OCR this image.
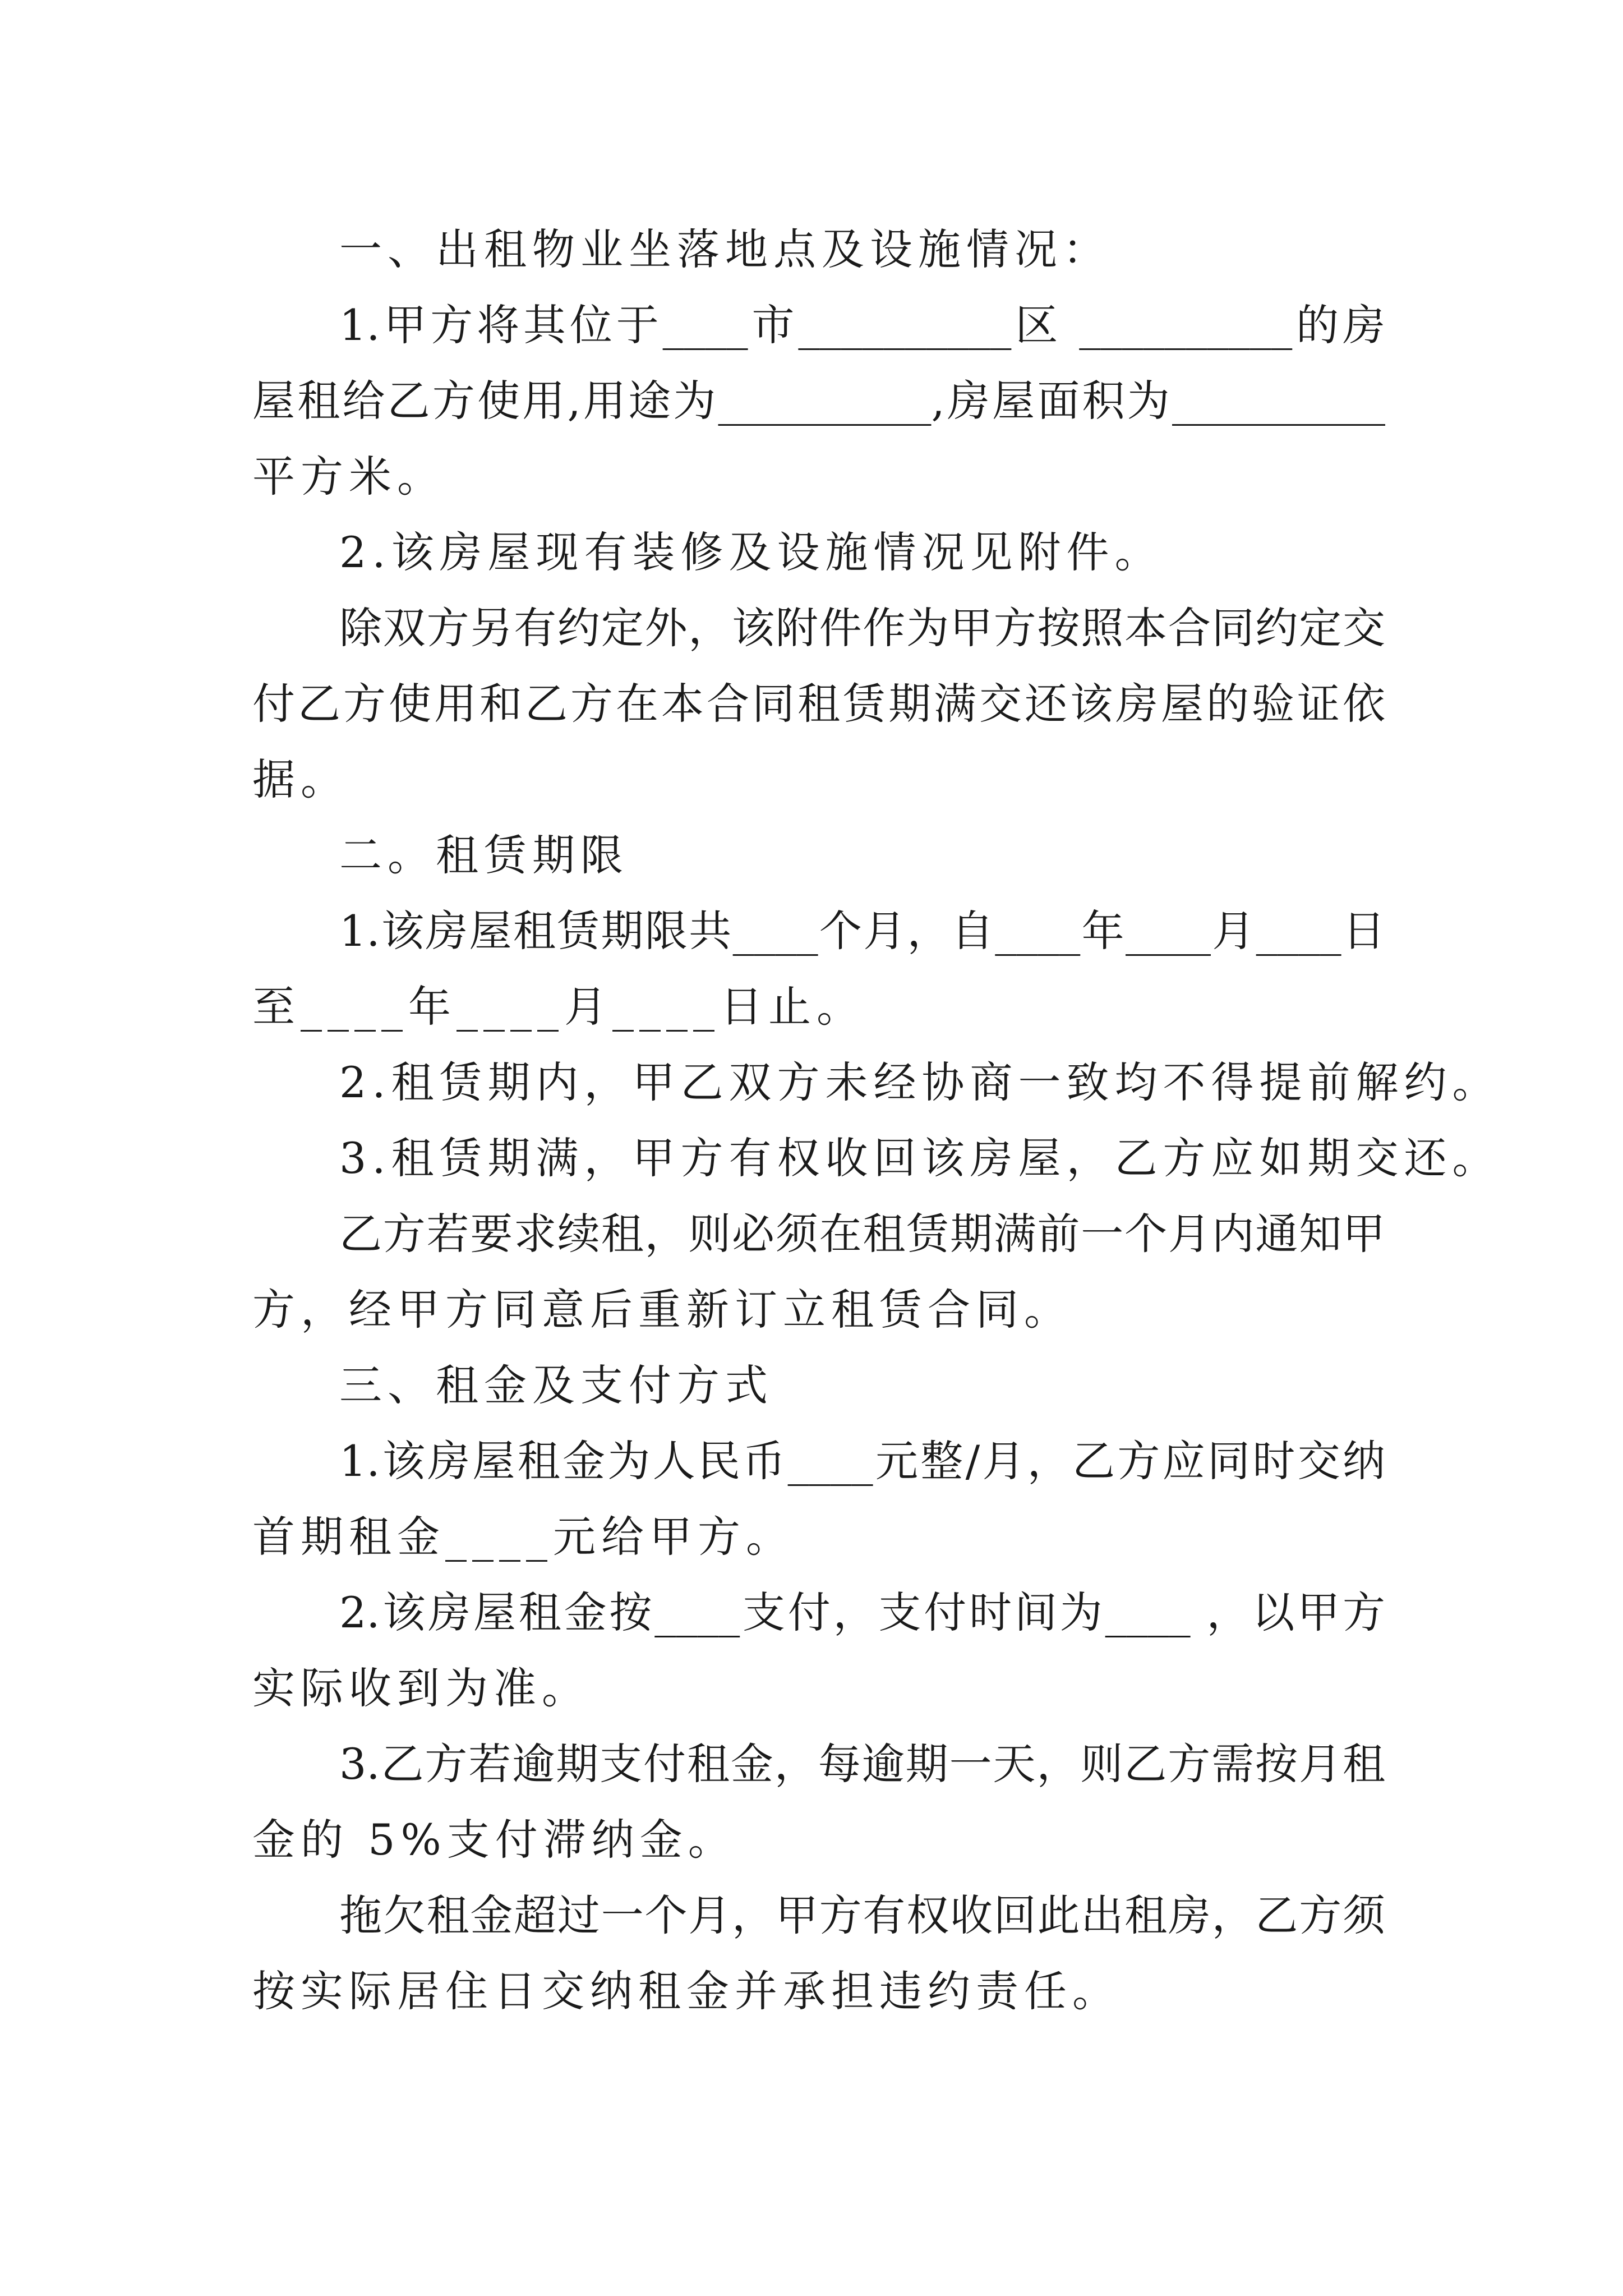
一、出租物业坐落地点及设施情况：
1.甲方将其位于____市__________区 __________的房
屋租给乙方使用,用途为__________,房屋面积为__________
平方米。
2.该房屋现有装修及设施情况见附件。
除双方另有约定外，该附件作为甲方按照本合同约定交
付乙方使用和乙方在本合同租赁期满交还该房屋的验证依
据。
二。租赁期限
1.该房屋租赁期限共____个月，自____年____月____日
至____年____月____日止。
2.租赁期内，甲乙双方未经协商一致均不得提前解约。
3.租赁期满，甲方有权收回该房屋，乙方应如期交还。
乙方若要求续租，则必须在租赁期满前一个月内通知甲
方，经甲方同意后重新订立租赁合同。
三、租金及支付方式
1.该房屋租金为人民币____元整/月，乙方应同时交纳
首期租金____元给甲方。
2.该房屋租金按____支付，支付时间为____ ，以甲方
实际收到为准。
3.乙方若逾期支付租金，每逾期一天，则乙方需按月租
金的 5%支付滞纳金。
拖欠租金超过一个月，甲方有权收回此出租房，乙方须
按实际居住日交纳租金并承担违约责任。
